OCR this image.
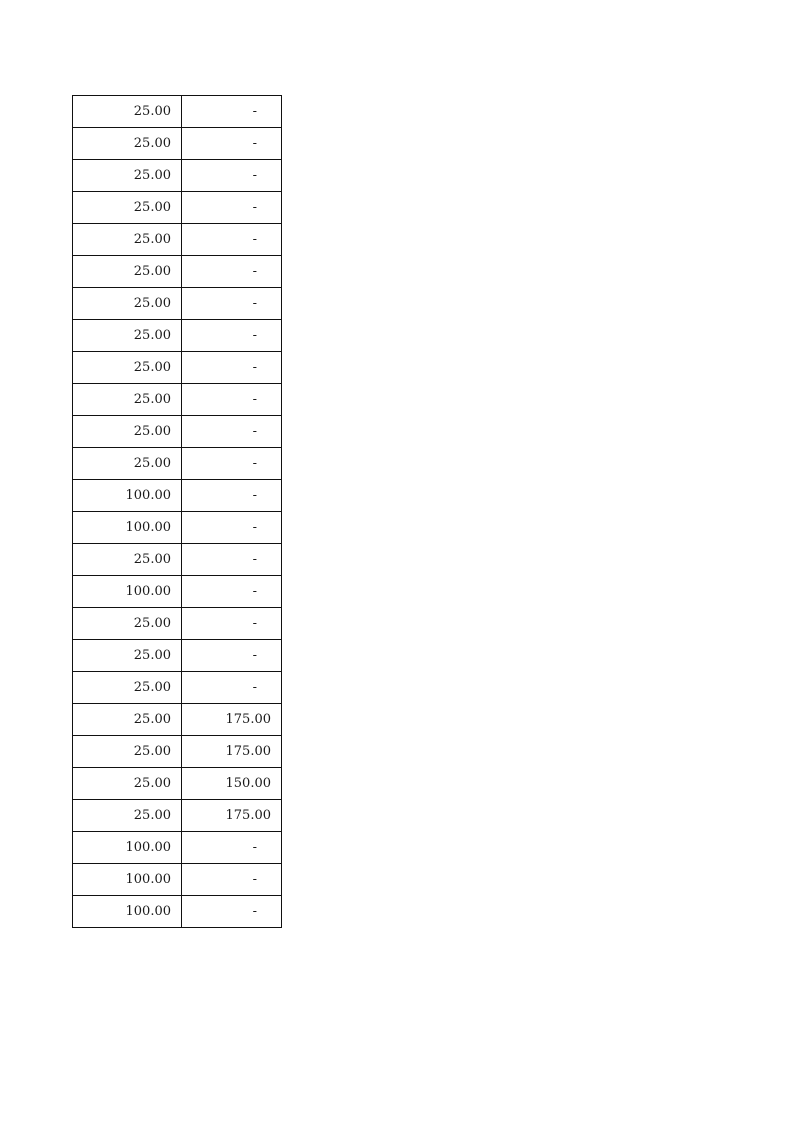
25.00	-
25.00	-
25.00	-
25.00	-
25.00	-
25.00	-
25.00	-
25.00	-
25.00	-
25.00	-
25.00	-
25.00	-
100.00	-
100.00	-
25.00	-
100.00	-
25.00	-
25.00	-
25.00	-
25.00	175.00
25.00	175.00
25.00	150.00
25.00	175.00
100.00	-
100.00	-
100.00	-
